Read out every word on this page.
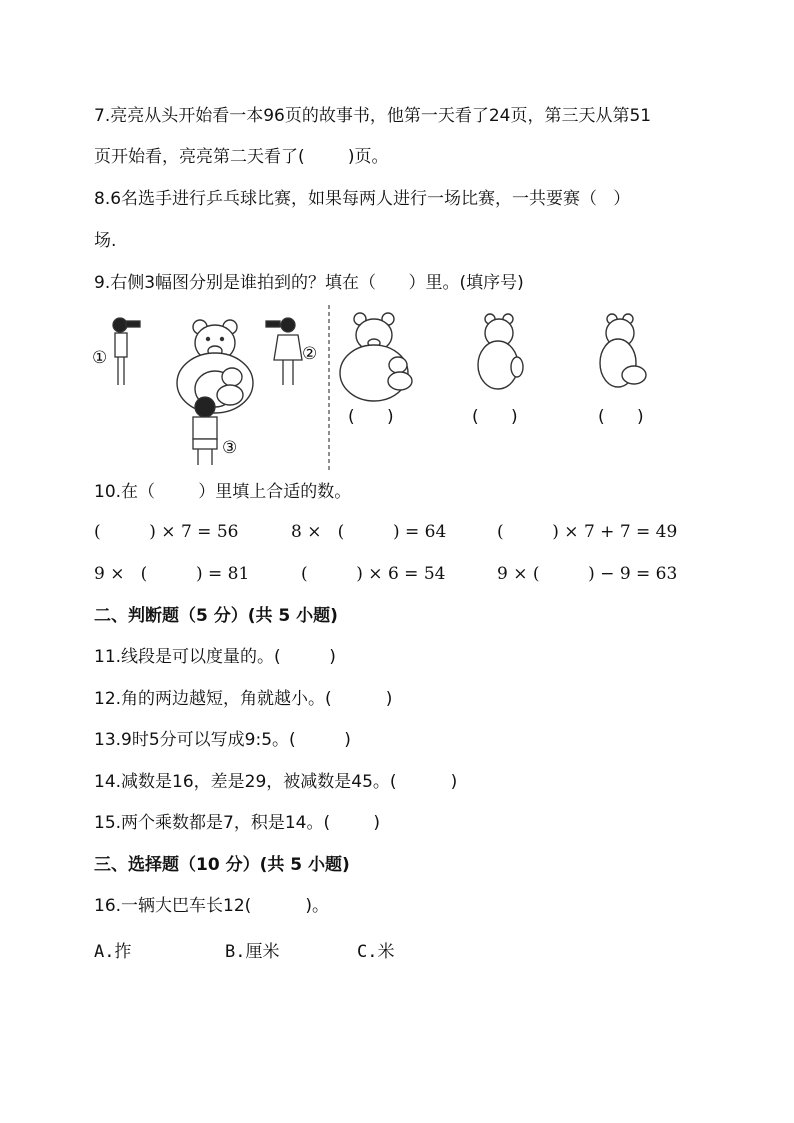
7.亮亮从头开始看一本96页的故事书，他第一天看了24页，第三天从第51
页开始看，亮亮第二天看了(        )页。
8.6名选手进行乒乓球比赛，如果每两人进行一场比赛，一共要赛（   ）
场.
9.右侧3幅图分别是谁拍到的？填在（      ）里。(填序号)
①	②
③
(      )	(      )	(      )
10.在（        ）里填上合适的数。
(         ) × 7 = 56	8 ×   (         ) = 64	(         ) × 7 + 7 = 49
9 ×   (         ) = 81	(         ) × 6 = 54	9 × (         ) − 9 = 63
二、判断题（5 分）(共 5 小题)
11.线段是可以度量的。(         )
12.角的两边越短，角就越小。(          )
13.9时5分可以写成9:5。(         )
14.减数是16，差是29，被减数是45。(          )
15.两个乘数都是7，积是14。(        )
三、选择题（10 分）(共 5 小题)
16.一辆大巴车长12(          )。
A.拃	B.厘米	C.米
